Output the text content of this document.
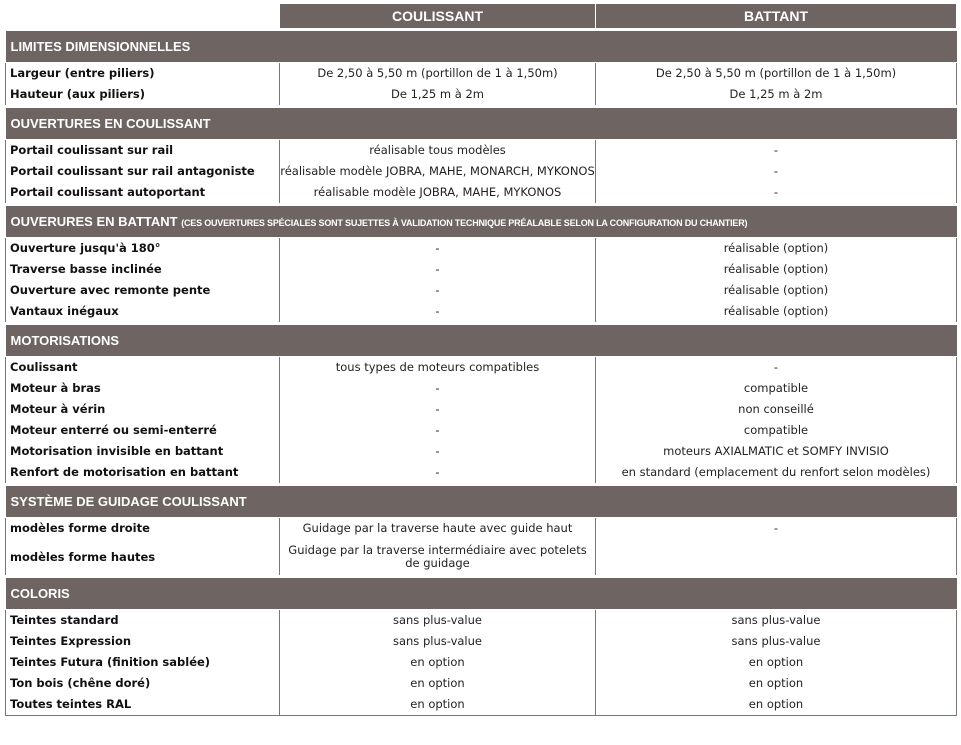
	COULISSANT	BATTANT
LIMITES DIMENSIONNELLES		
Largeur (entre piliers)	De 2,50 à 5,50 m (portillon de 1 à 1,50m)	De 2,50 à 5,50 m (portillon de 1 à 1,50m)
Hauteur (aux piliers)	De 1,25 m à 2m	De 1,25 m à 2m
OUVERTURES EN COULISSANT		
Portail coulissant sur rail	réalisable tous modèles	-
Portail coulissant sur rail antagoniste	réalisable modèle JOBRA, MAHE, MONARCH, MYKONOS	-
Portail coulissant autoportant	réalisable modèle JOBRA, MAHE, MYKONOS	-
OUVERURES EN BATTANT (CES OUVERTURES SPÉCIALES SONT SUJETTES À VALIDATION TECHNIQUE PRÉALABLE SELON LA CONFIGURATION DU CHANTIER)		
Ouverture jusqu'à 180°	-	réalisable (option)
Traverse basse inclinée	-	réalisable (option)
Ouverture avec remonte pente	-	réalisable (option)
Vantaux inégaux	-	réalisable (option)
MOTORISATIONS		
Coulissant	tous types de moteurs compatibles	-
Moteur à bras	-	compatible
Moteur à vérin	-	non conseillé
Moteur enterré ou semi-enterré	-	compatible
Motorisation invisible en battant	-	moteurs AXIALMATIC et SOMFY INVISIO
Renfort de motorisation en battant	-	en standard (emplacement du renfort selon modèles)
SYSTÈME DE GUIDAGE COULISSANT		
modèles forme droite	Guidage par la traverse haute avec guide haut	-
modèles forme hautes	Guidage par la traverse intermédiaire avec potelets de guidage	
COLORIS		
Teintes standard	sans plus-value	sans plus-value
Teintes Expression	sans plus-value	sans plus-value
Teintes Futura (finition sablée)	en option	en option
Ton bois (chêne doré)	en option	en option
Toutes teintes RAL	en option	en option
